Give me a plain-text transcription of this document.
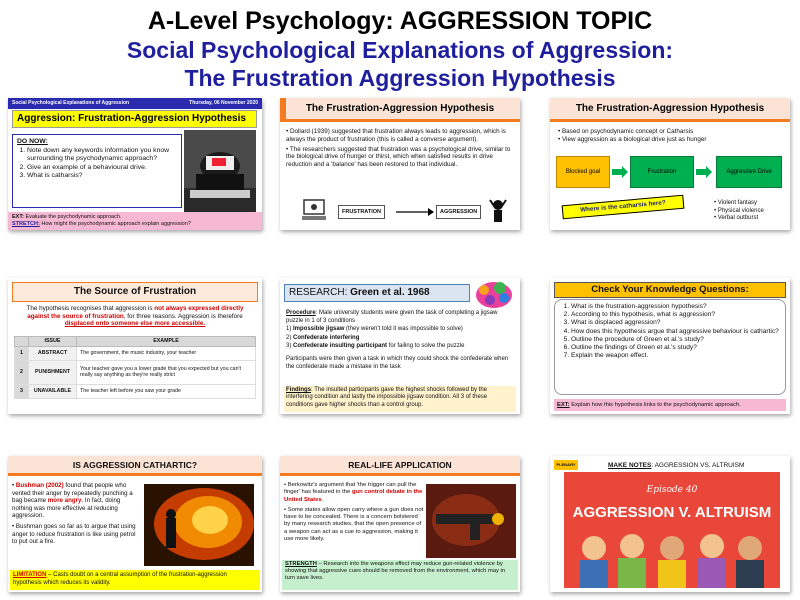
A-Level Psychology: AGGRESSION TOPIC
Social Psychological Explanations of Aggression:
The Frustration Aggression Hypothesis
Social Psychological Explanations of Aggression	Thursday, 06 November 2020
Aggression: Frustration-Aggression Hypothesis
DO NOW:
1. Note down any keywords information you know surrounding the psychodynamic approach?
2. Give an example of a behavioural drive.
3. What is catharsis?
EXT: Evaluate the psychodynamic approach.
STRETCH: How might the psychodynamic approach explain aggression?
The Frustration-Aggression Hypothesis
• Dollard (1939) suggested that frustration always leads to aggression, which is always the product of frustration (this is called a converse argument).
• The researchers suggested that frustration was a psychological drive, similar to the biological drive of hunger or thirst, which when satisfied results in drive reduction and a 'balance' has been restored to that individual.
FRUSTRATION	AGGRESSION
The Frustration-Aggression Hypothesis
• Based on psychodynamic concept or Catharsis
• View aggression as a biological drive just as hunger
Blocked goal	Frustration	Aggressive Drive
Where is the catharsis here?	• Violent fantasy
• Physical violence
• Verbal outburst
The Source of Frustration
The hypothesis recognises that aggression is not always expressed directly against the source of frustration, for three reasons. Aggression is therefore displaced onto someone else more accessible.
	ISSUE	EXAMPLE
1	ABSTRACT	The government, the music industry, your teacher
2	PUNISHMENT	Your teacher gave you a lower grade that you expected but you can't really say anything as they're really strict
3	UNAVAILABLE	The teacher left before you saw your grade
RESEARCH: Green et al. 1968
Procedure: Male university students were given the task of completing a jigsaw puzzle in 1 of 3 conditions
1) Impossible jigsaw (they weren't told it was impossible to solve)
2) Confederate interfering
3) Confederate insulting participant for failing to solve the puzzle
Participants were then given a task in which they could shock the confederate when the confederate made a mistake in the task
Findings: The insulted participants gave the highest shocks followed by the interfering condition and lastly the impossible jigsaw condition. All 3 of these conditions gave higher shocks than a control group.
Check Your Knowledge Questions:
1. What is the frustration-aggression hypothesis?
2. According to this hypothesis, what is aggression?
3. What is displaced aggression?
4. How does this hypothesis argue that aggressive behaviour is cathartic?
5. Outline the procedure of Green et al.'s study?
6. Outline the findings of Green et al.'s study?
7. Explain the weapon effect.
EXT: Explain how this hypothesis links to the psychodynamic approach.
IS AGGRESSION CATHARTIC?
• Bushman (2002) found that people who vented their anger by repeatedly punching a bag became more angry. In fact, doing nothing was more effective at reducing aggression.
• Bushman goes so far as to argue that using anger to reduce frustration is like using petrol to put out a fire.
LIMITATION – Casts doubt on a central assumption of the frustration-aggression hypothesis which reduces its validity.
REAL-LIFE APPLICATION
• Berkowitz's argument that 'the trigger can pull the finger' has featured in the gun control debate in the United States.
• Some states allow open carry where a gun does not have to be concealed. There is a concern bolstered by many research studies, that the open presence of a weapon can act as a cue to aggression, making it use more likely.
STRENGTH – Research into the weapons effect may reduce gun-related violence by showing that aggressive cues should be removed from the environment, which may in turn save lives.
PLENARY	MAKE NOTES: AGGRESSION VS. ALTRUISM
Episode 40
AGGRESSION V. ALTRUISM
